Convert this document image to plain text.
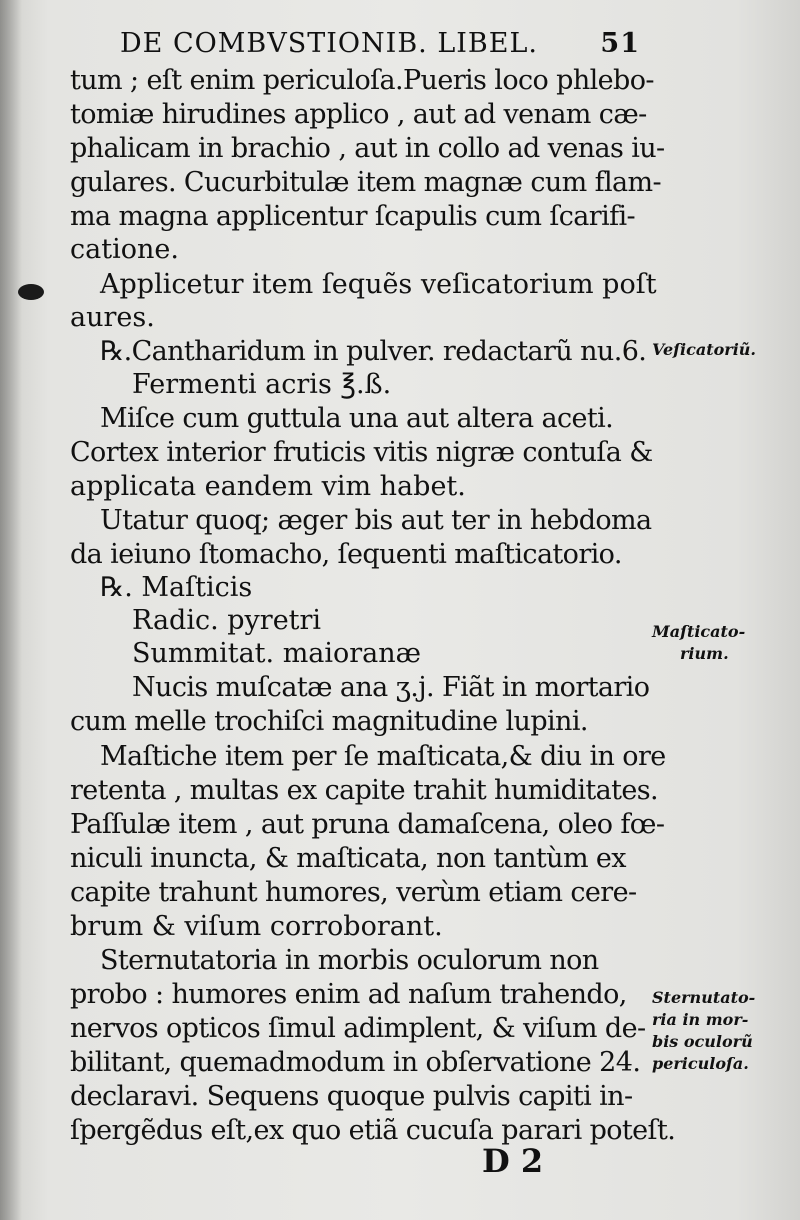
DE COMBVSTIONIB. LIBEL. 51
tum ; eſt enim periculoſa.Pueris loco phlebo-
tomiæ hirudines applico , aut ad venam cæ-
phalicam in brachio , aut in collo ad venas iu-
gulares. Cucurbitulæ item magnæ cum flam-
ma magna applicentur ſcapulis cum ſcarifi-
catione.
Applicetur item ſequẽs veſicatorium poſt
aures.
℞.Cantharidum in pulver. redactarũ nu.6.
Fermenti acris ℥.ß.
Miſce cum guttula una aut altera aceti.
Cortex interior fruticis vitis nigræ contuſa &
applicata eandem vim habet.
Utatur quoq; æger bis aut ter in hebdoma
da ieiuno ſtomacho, ſequenti maſticatorio.
℞. Maſticis
Radic. pyretri
Summitat. maioranæ
Nucis muſcatæ ana ʒ.j. Fiãt in mortario
cum melle trochiſci magnitudine lupini.
Maſtiche item per ſe maſticata,& diu in ore
retenta , multas ex capite trahit humiditates.
Paſſulæ item , aut pruna damaſcena, oleo fœ-
niculi inuncta, & maſticata, non tantùm ex
capite trahunt humores, verùm etiam cere-
brum & viſum corroborant.
Sternutatoria in morbis oculorum non
probo : humores enim ad naſum trahendo,
nervos opticos ſimul adimplent, & viſum de-
bilitant, quemadmodum in obſervatione 24.
declaravi. Sequens quoque pulvis capiti in-
ſpergẽdus eſt,ex quo etiã cucuſa parari poteſt.
Veſicatoriũ.
Maſticato-
rium.
Sternutato-
ria in mor-
bis oculorũ
periculoſa.
D 2
